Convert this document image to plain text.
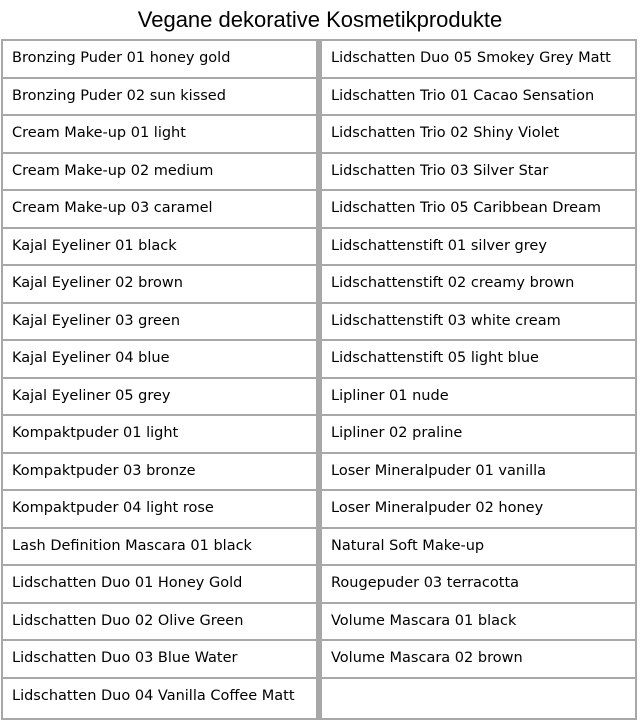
Vegane dekorative Kosmetikprodukte
Bronzing Puder 01 honey gold
Bronzing Puder 02 sun kissed
Cream Make-up 01 light
Cream Make-up 02 medium
Cream Make-up 03 caramel
Kajal Eyeliner 01 black
Kajal Eyeliner 02 brown
Kajal Eyeliner 03 green
Kajal Eyeliner 04 blue
Kajal Eyeliner 05 grey
Kompaktpuder 01 light
Kompaktpuder 03 bronze
Kompaktpuder 04 light rose
Lash Definition Mascara 01 black
Lidschatten Duo 01 Honey Gold
Lidschatten Duo 02 Olive Green
Lidschatten Duo 03 Blue Water
Lidschatten Duo 04 Vanilla Coffee Matt
Lidschatten Duo 05 Smokey Grey Matt
Lidschatten Trio 01 Cacao Sensation
Lidschatten Trio 02 Shiny Violet
Lidschatten Trio 03 Silver Star
Lidschatten Trio 05 Caribbean Dream
Lidschattenstift 01 silver grey
Lidschattenstift 02 creamy brown
Lidschattenstift 03 white cream
Lidschattenstift 05 light blue
Lipliner 01 nude
Lipliner 02 praline
Loser Mineralpuder 01 vanilla
Loser Mineralpuder 02 honey
Natural Soft Make-up
Rougepuder 03 terracotta
Volume Mascara 01 black
Volume Mascara 02 brown
